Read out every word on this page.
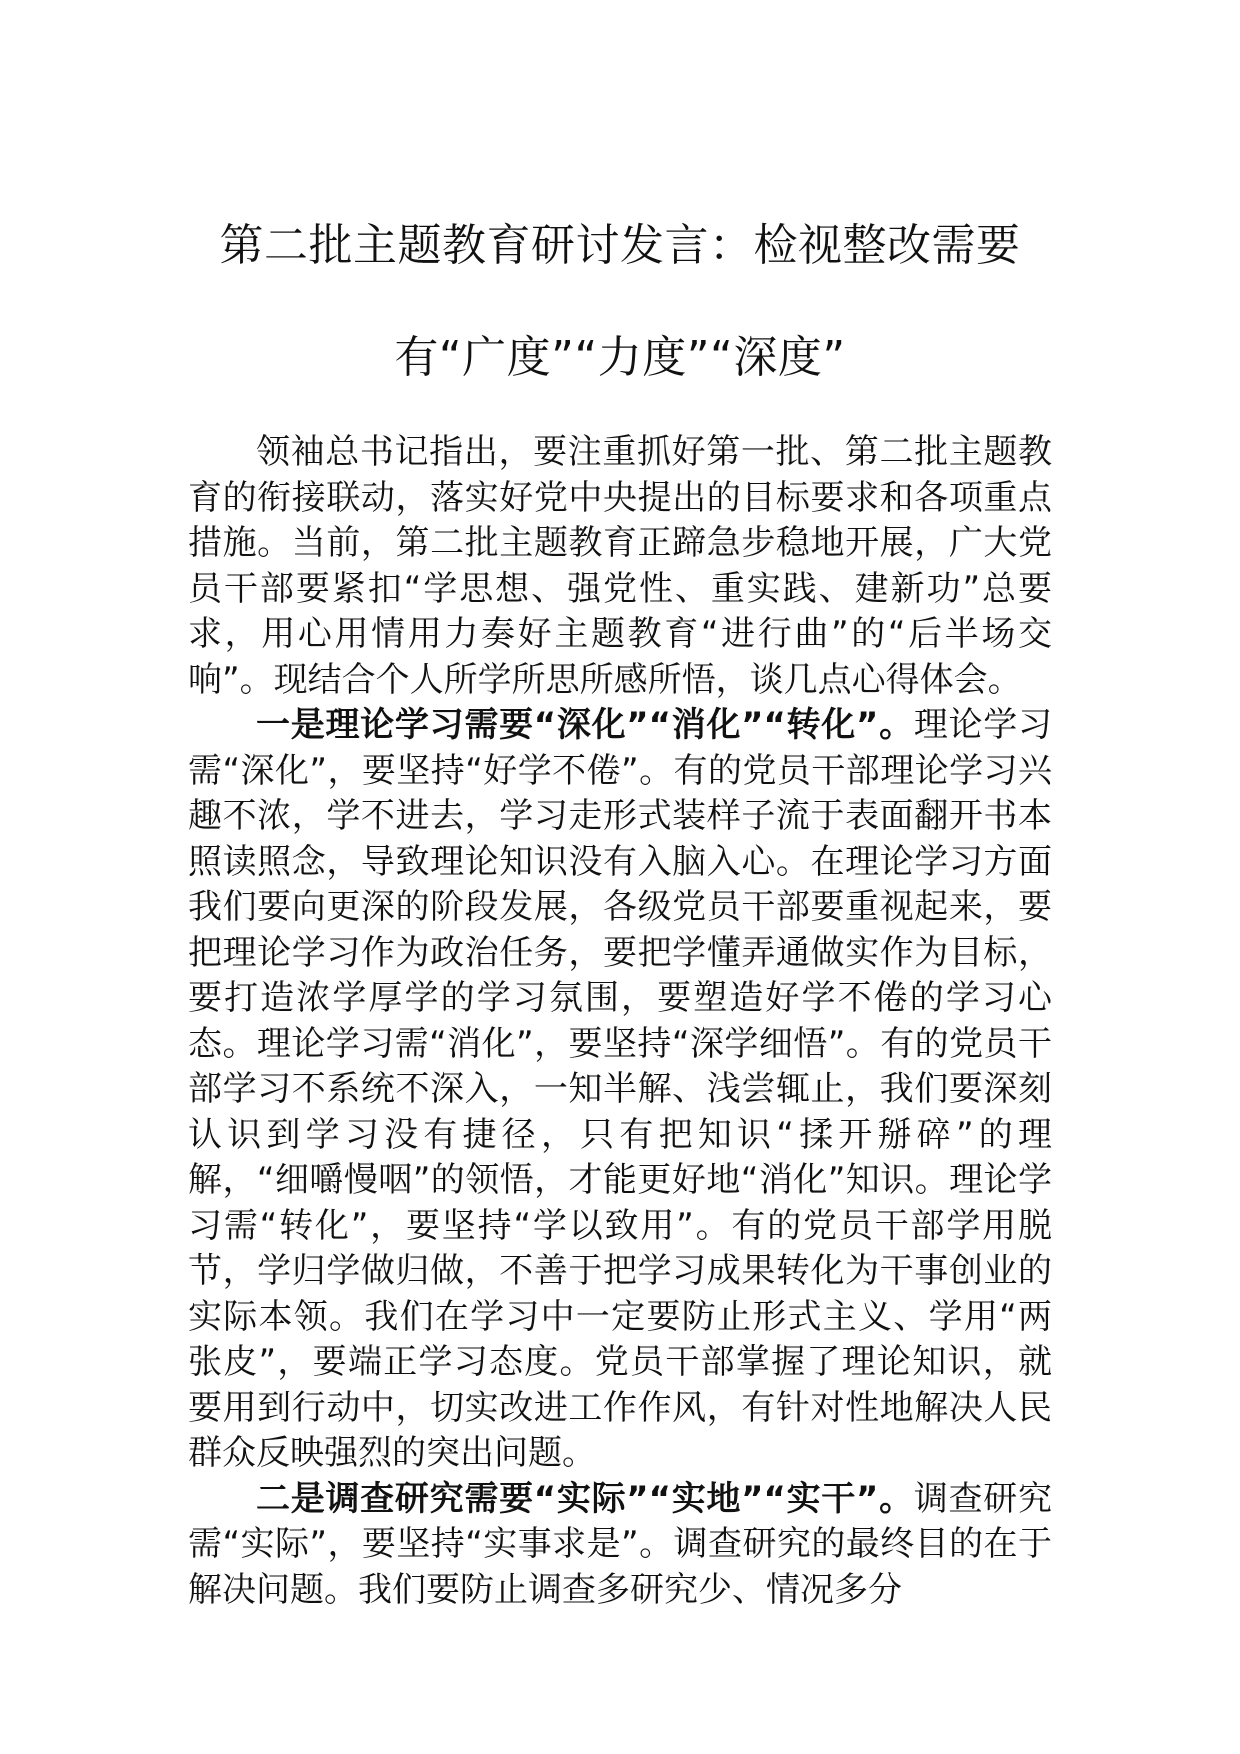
第二批主题教育研讨发言：检视整改需要
有“广度”“力度”“深度”

领袖总书记指出，要注重抓好第一批、第二批主题教育的衔接联动，落实好党中央提出的目标要求和各项重点措施。当前，第二批主题教育正蹄急步稳地开展，广大党员干部要紧扣“学思想、强党性、重实践、建新功”总要求，用心用情用力奏好主题教育“进行曲”的“后半场交响”。现结合个人所学所思所感所悟，谈几点心得体会。

一是理论学习需要“深化”“消化”“转化”。理论学习需“深化”，要坚持“好学不倦”。有的党员干部理论学习兴趣不浓，学不进去，学习走形式装样子流于表面翻开书本照读照念，导致理论知识没有入脑入心。在理论学习方面我们要向更深的阶段发展，各级党员干部要重视起来，要把理论学习作为政治任务，要把学懂弄通做实作为目标，要打造浓学厚学的学习氛围，要塑造好学不倦的学习心态。理论学习需“消化”，要坚持“深学细悟”。有的党员干部学习不系统不深入，一知半解、浅尝辄止，我们要深刻认识到学习没有捷径，只有把知识“揉开掰碎”的理解，“细嚼慢咽”的领悟，才能更好地“消化”知识。理论学习需“转化”，要坚持“学以致用”。有的党员干部学用脱节，学归学做归做，不善于把学习成果转化为干事创业的实际本领。我们在学习中一定要防止形式主义、学用“两张皮”，要端正学习态度。党员干部掌握了理论知识，就要用到行动中，切实改进工作作风，有针对性地解决人民群众反映强烈的突出问题。

二是调查研究需要“实际”“实地”“实干”。调查研究需“实际”，要坚持“实事求是”。调查研究的最终目的在于解决问题。我们要防止调查多研究少、情况多分
